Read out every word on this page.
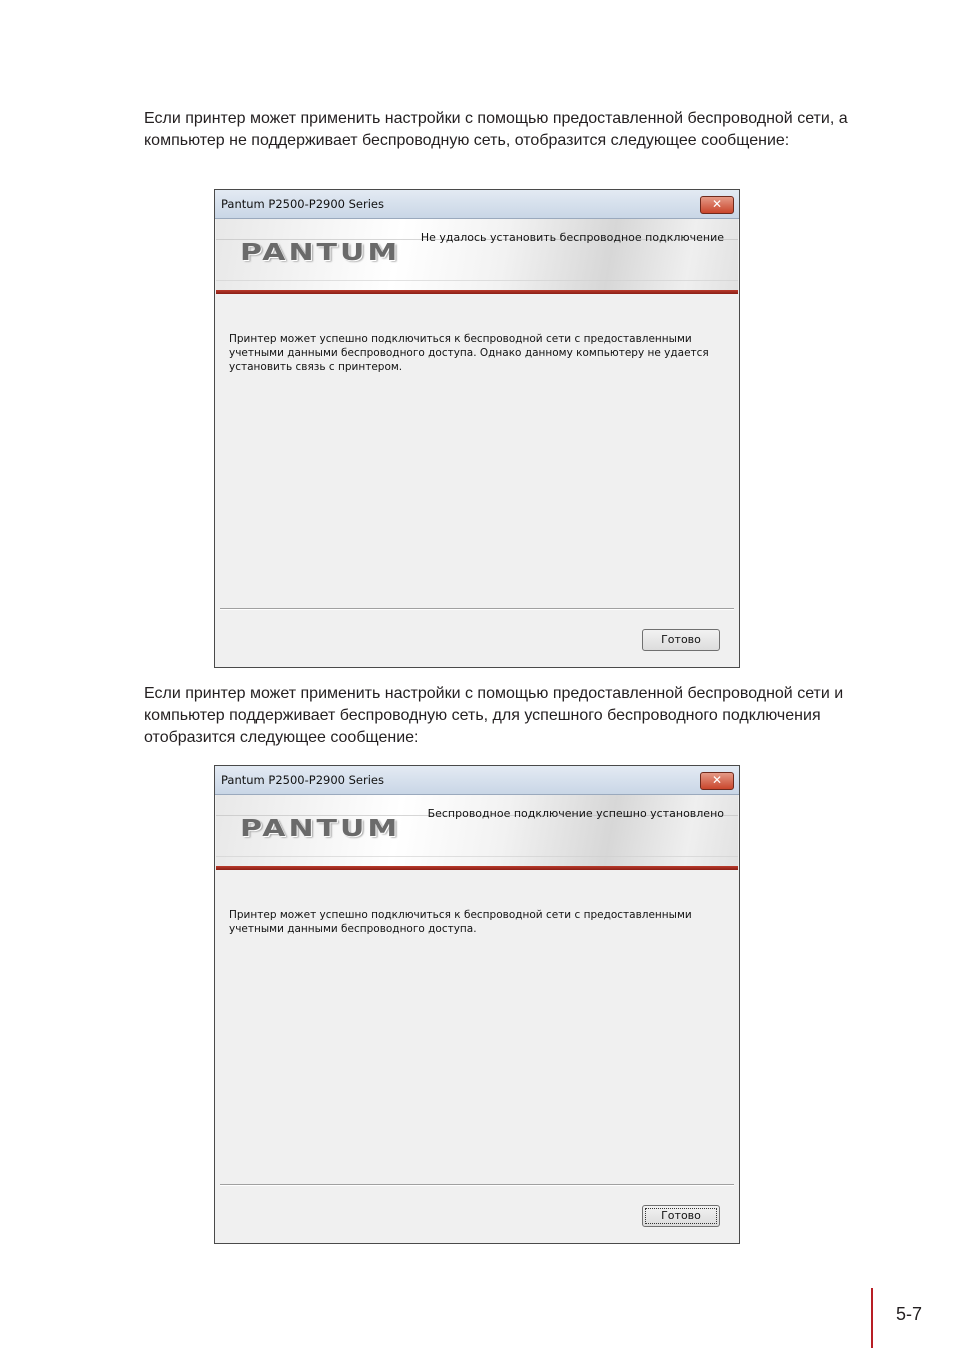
Если принтер может применить настройки с помощью предоставленной беспроводной сети, а компьютер не поддерживает беспроводную сеть, отобразится следующее сообщение:

Pantum P2500-P2900 Series	✕
PANTUM
Не удалось установить беспроводное подключение

Принтер может успешно подключиться к беспроводной сети с предоставленными учетными данными беспроводного доступа. Однако данному компьютеру не удается установить связь с принтером.

Готово

Если принтер может применить настройки с помощью предоставленной беспроводной сети и компьютер поддерживает беспроводную сеть, для успешного беспроводного подключения отобразится следующее сообщение:

Pantum P2500-P2900 Series	✕
PANTUM
Беспроводное подключение успешно установлено

Принтер может успешно подключиться к беспроводной сети с предоставленными учетными данными беспроводного доступа.

Готово
5-7
